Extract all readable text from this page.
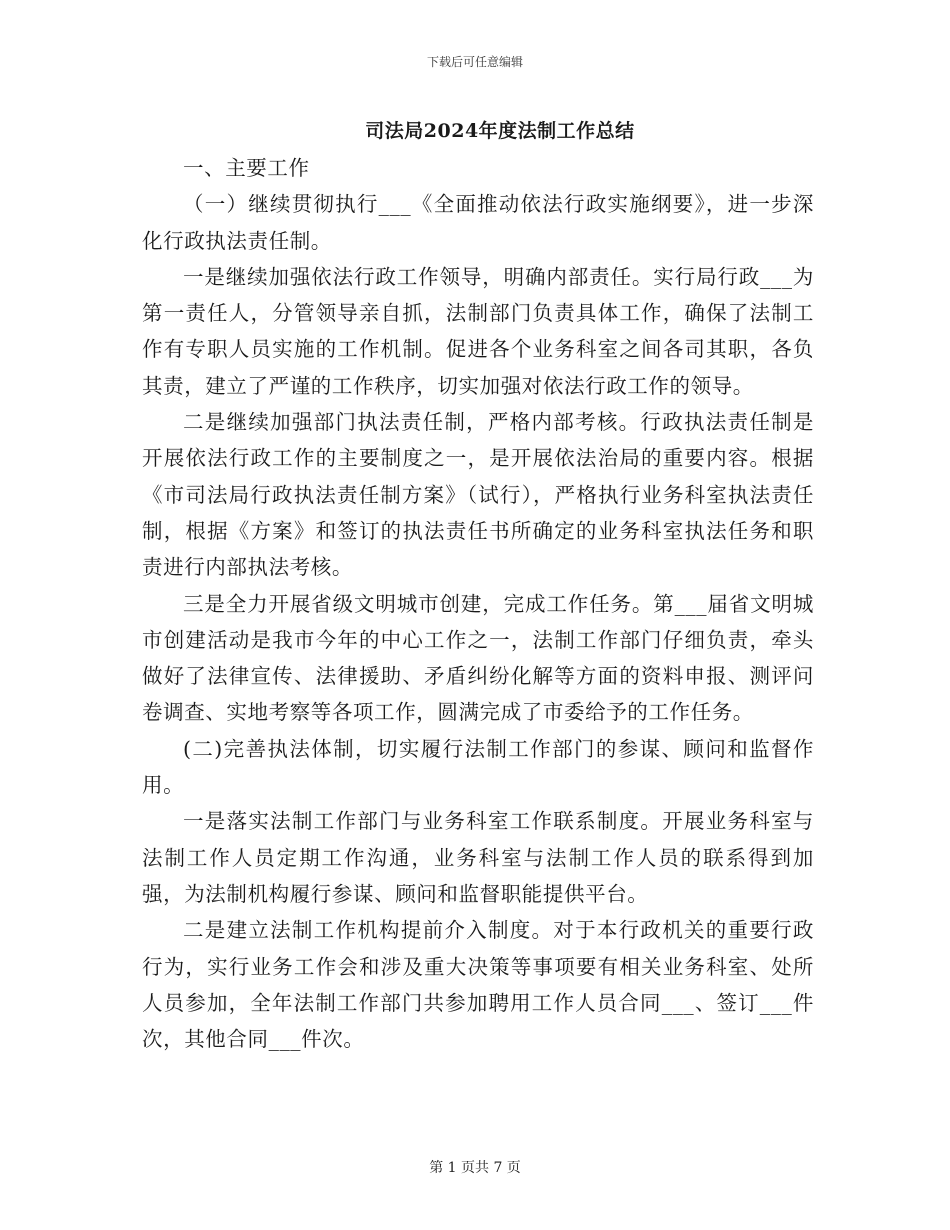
下载后可任意编辑
司法局2024年度法制工作总结

一、主要工作

（一）继续贯彻执行___《全面推动依法行政实施纲要》，进一步深化行政执法责任制。

一是继续加强依法行政工作领导，明确内部责任。实行局行政___为第一责任人，分管领导亲自抓，法制部门负责具体工作，确保了法制工作有专职人员实施的工作机制。促进各个业务科室之间各司其职，各负其责，建立了严谨的工作秩序，切实加强对依法行政工作的领导。

二是继续加强部门执法责任制，严格内部考核。行政执法责任制是开展依法行政工作的主要制度之一，是开展依法治局的重要内容。根据《市司法局行政执法责任制方案》（试行），严格执行业务科室执法责任制，根据《方案》和签订的执法责任书所确定的业务科室执法任务和职责进行内部执法考核。

三是全力开展省级文明城市创建，完成工作任务。第___届省文明城市创建活动是我市今年的中心工作之一，法制工作部门仔细负责，牵头做好了法律宣传、法律援助、矛盾纠纷化解等方面的资料申报、测评问卷调查、实地考察等各项工作，圆满完成了市委给予的工作任务。

(二)完善执法体制，切实履行法制工作部门的参谋、顾问和监督作用。

一是落实法制工作部门与业务科室工作联系制度。开展业务科室与法制工作人员定期工作沟通，业务科室与法制工作人员的联系得到加强，为法制机构履行参谋、顾问和监督职能提供平台。

二是建立法制工作机构提前介入制度。对于本行政机关的重要行政行为，实行业务工作会和涉及重大决策等事项要有相关业务科室、处所人员参加，全年法制工作部门共参加聘用工作人员合同___、签订___件次，其他合同___件次。

第 1 页共 7 页
